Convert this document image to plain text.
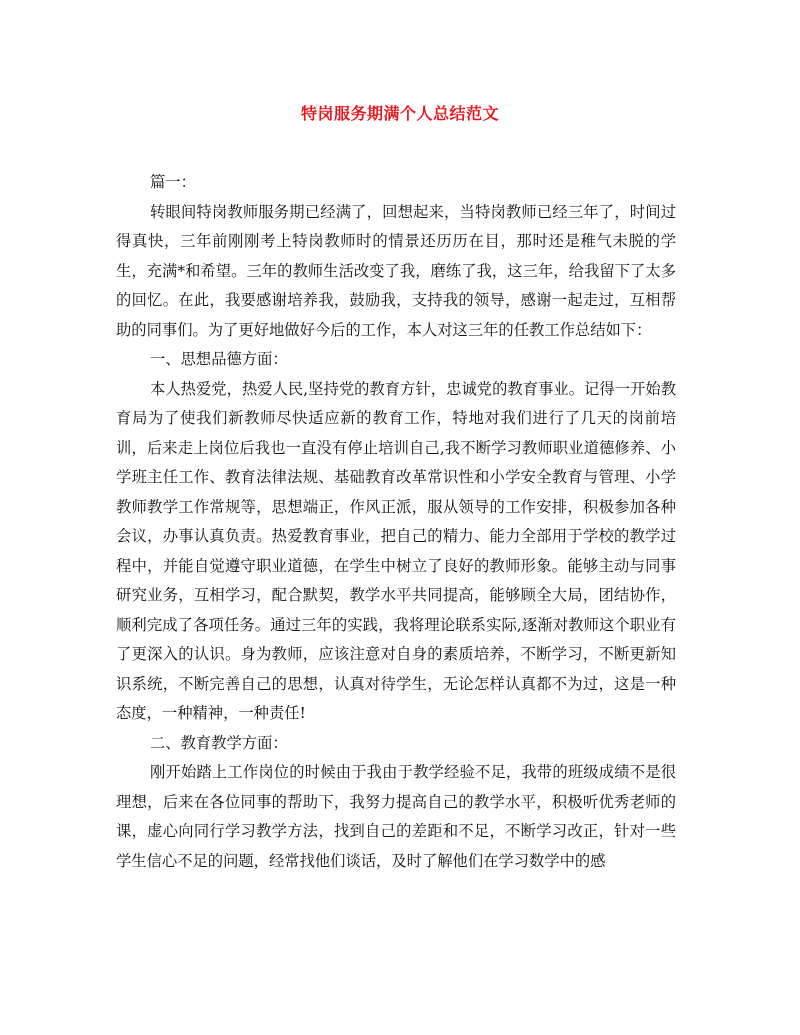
特岗服务期满个人总结范文

篇一：

转眼间特岗教师服务期已经满了，回想起来，当特岗教师已经三年了，时间过得真快，三年前刚刚考上特岗教师时的情景还历历在目，那时还是稚气未脱的学生，充满*和希望。三年的教师生活改变了我，磨练了我，这三年，给我留下了太多的回忆。在此，我要感谢培养我，鼓励我，支持我的领导，感谢一起走过，互相帮助的同事们。为了更好地做好今后的工作，本人对这三年的任教工作总结如下：

一、思想品德方面：

本人热爱党，热爱人民,坚持党的教育方针，忠诚党的教育事业。记得一开始教育局为了使我们新教师尽快适应新的教育工作，特地对我们进行了几天的岗前培训，后来走上岗位后我也一直没有停止培训自己,我不断学习教师职业道德修养、小学班主任工作、教育法律法规、基础教育改革常识性和小学安全教育与管理、小学教师教学工作常规等，思想端正，作风正派，服从领导的工作安排，积极参加各种会议，办事认真负责。热爱教育事业，把自己的精力、能力全部用于学校的教学过程中，并能自觉遵守职业道德，在学生中树立了良好的教师形象。能够主动与同事研究业务，互相学习，配合默契，教学水平共同提高，能够顾全大局，团结协作，顺利完成了各项任务。通过三年的实践，我将理论联系实际,逐渐对教师这个职业有了更深入的认识。身为教师，应该注意对自身的素质培养，不断学习，不断更新知识系统，不断完善自己的思想，认真对待学生，无论怎样认真都不为过，这是一种态度，一种精神，一种责任!

二、教育教学方面：

刚开始踏上工作岗位的时候由于我由于教学经验不足，我带的班级成绩不是很理想，后来在各位同事的帮助下，我努力提高自己的教学水平，积极听优秀老师的课，虚心向同行学习教学方法，找到自己的差距和不足，不断学习改正，针对一些学生信心不足的问题，经常找他们谈话，及时了解他们在学习数学中的感
